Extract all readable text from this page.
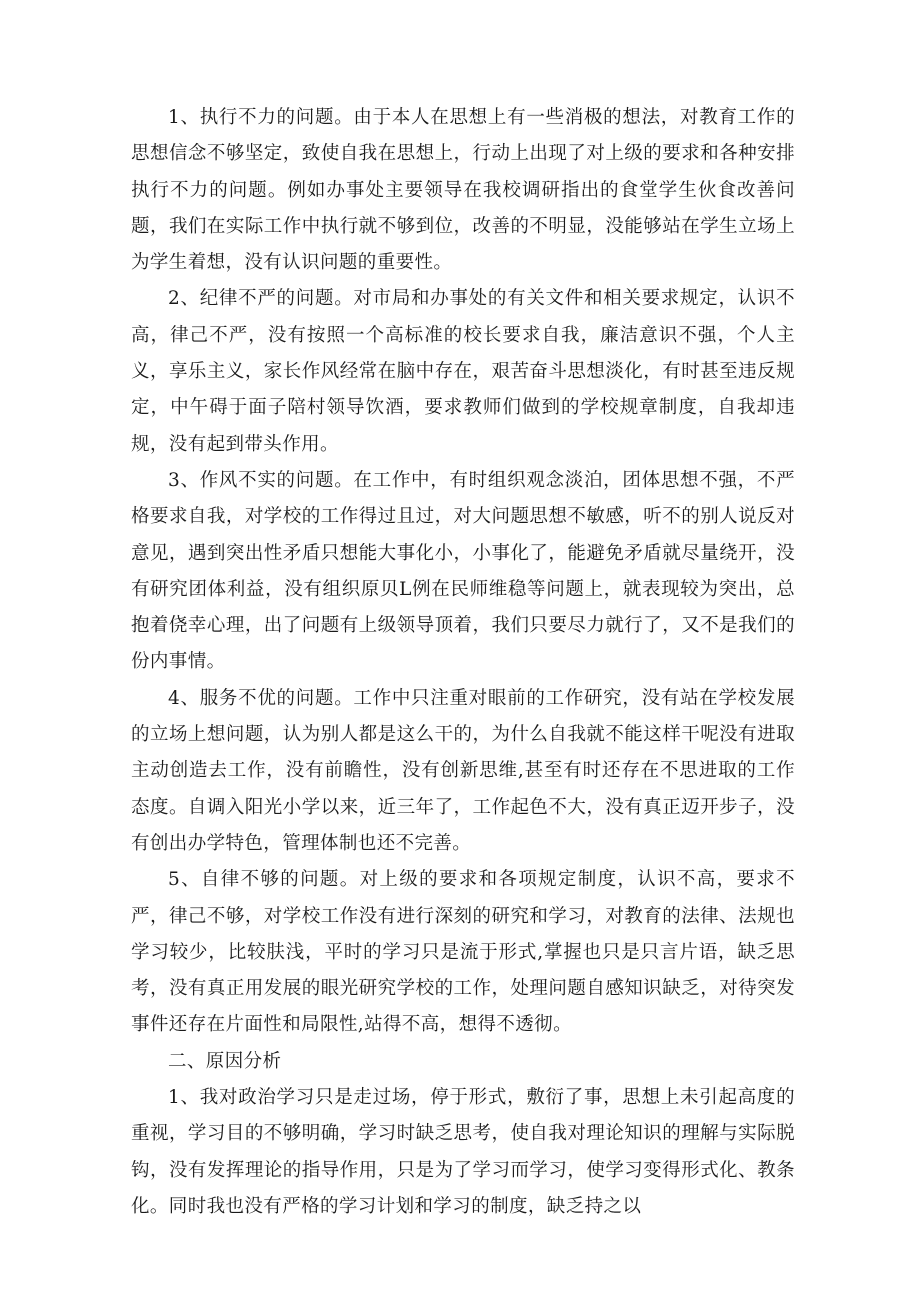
1、执行不力的问题。由于本人在思想上有一些消极的想法，对教育工作的思想信念不够坚定，致使自我在思想上，行动上出现了对上级的要求和各种安排执行不力的问题。例如办事处主要领导在我校调研指出的食堂学生伙食改善问题，我们在实际工作中执行就不够到位，改善的不明显，没能够站在学生立场上为学生着想，没有认识问题的重要性。

2、纪律不严的问题。对市局和办事处的有关文件和相关要求规定，认识不高，律己不严，没有按照一个高标准的校长要求自我，廉洁意识不强，个人主义，享乐主义，家长作风经常在脑中存在，艰苦奋斗思想淡化，有时甚至违反规定，中午碍于面子陪村领导饮酒，要求教师们做到的学校规章制度，自我却违规，没有起到带头作用。

3、作风不实的问题。在工作中，有时组织观念淡泊，团体思想不强，不严格要求自我，对学校的工作得过且过，对大问题思想不敏感，听不的别人说反对意见，遇到突出性矛盾只想能大事化小，小事化了，能避免矛盾就尽量绕开，没有研究团体利益，没有组织原贝L例在民师维稳等问题上，就表现较为突出，总抱着侥幸心理，出了问题有上级领导顶着，我们只要尽力就行了，又不是我们的份内事情。

4、服务不优的问题。工作中只注重对眼前的工作研究，没有站在学校发展的立场上想问题，认为别人都是这么干的，为什么自我就不能这样干呢没有进取主动创造去工作，没有前瞻性，没有创新思维,甚至有时还存在不思进取的工作态度。自调入阳光小学以来，近三年了，工作起色不大，没有真正迈开步子，没有创出办学特色，管理体制也还不完善。

5、自律不够的问题。对上级的要求和各项规定制度，认识不高，要求不严，律己不够，对学校工作没有进行深刻的研究和学习，对教育的法律、法规也学习较少，比较肤浅，平时的学习只是流于形式,掌握也只是只言片语，缺乏思考，没有真正用发展的眼光研究学校的工作，处理问题自感知识缺乏，对待突发事件还存在片面性和局限性,站得不高，想得不透彻。

二、原因分析

1、我对政治学习只是走过场，停于形式，敷衍了事，思想上未引起高度的重视，学习目的不够明确，学习时缺乏思考，使自我对理论知识的理解与实际脱钩，没有发挥理论的指导作用，只是为了学习而学习，使学习变得形式化、教条化。同时我也没有严格的学习计划和学习的制度，缺乏持之以
